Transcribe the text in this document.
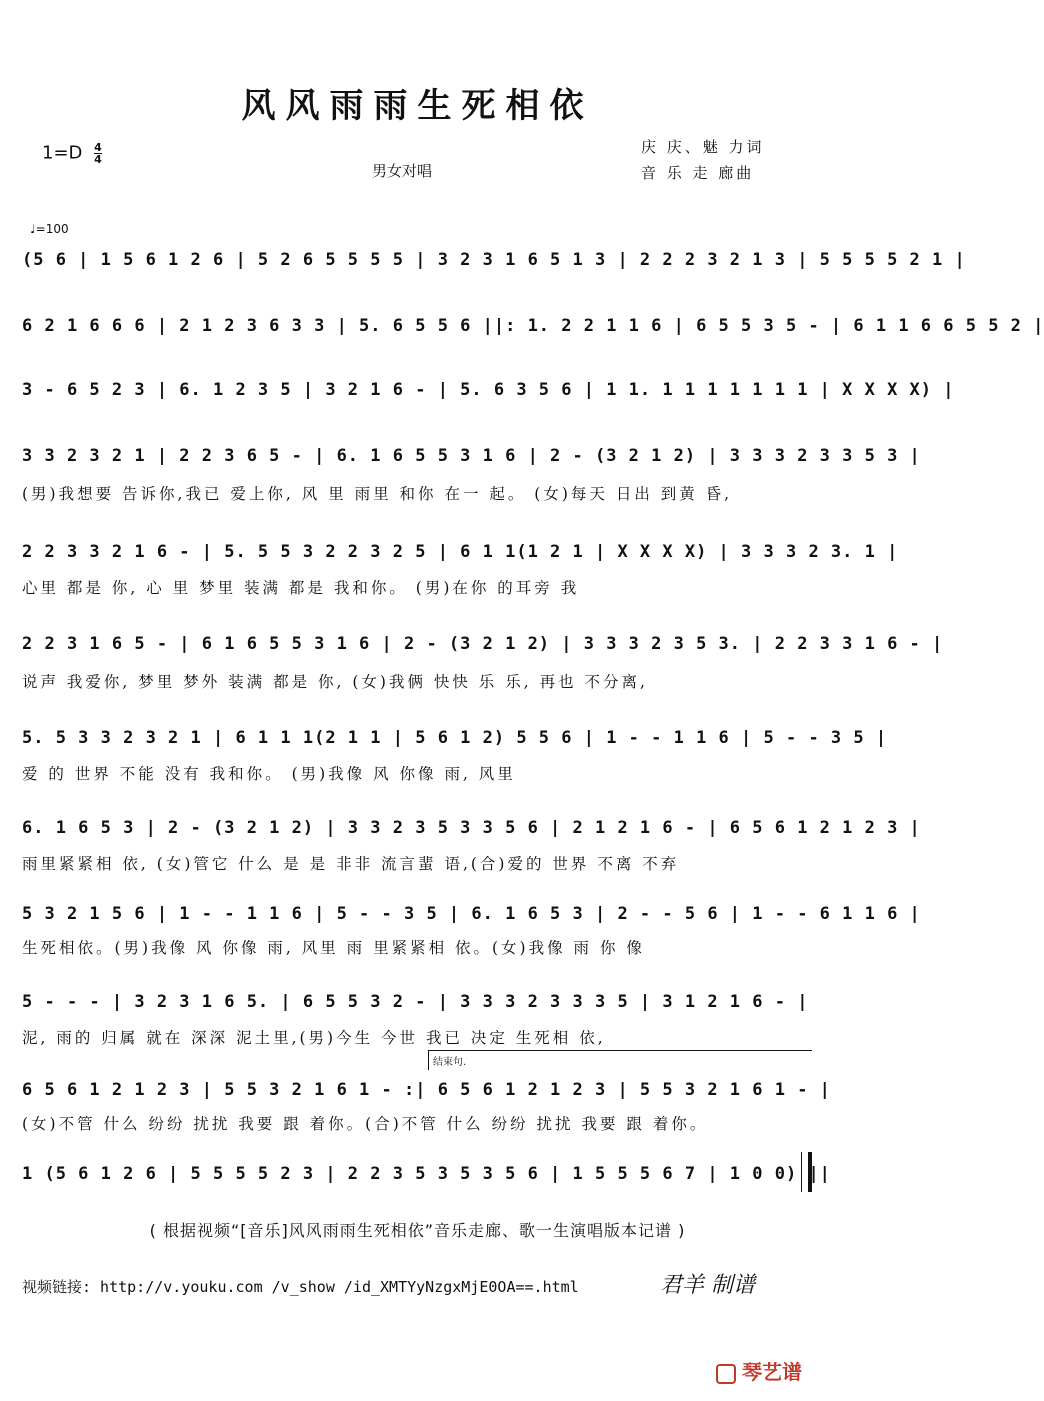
风风雨雨生死相依
$1=D \frac{4}{4}$
男女对唱
庆 庆、魅 力词
音 乐 走 廊曲
♩=100
(5 6 | 1 5 6 1 2 6 | 5 2 6 5 5 5 5 | 3 2 3 1 6 5 1 3 | 2 2 2 3 2 1 3 | 5 5 5 5 2 1 |
6 2 1 6 6 6 | 2 1 2 3 6 3 3 | 5. 6 5 5 6 ||: 1. 2 2 1 1 6 | 6 5 5 3 5 - | 6 1 1 6 6 5 5 2 |
3 - 6 5 2 3 | 6. 1 2 3 5 | 3 2 1 6 - | 5. 6 3 5 6 | 1 1. 1 1 1 1 1 1 1 | X X X X) |
3 3 2 3 2 1 | 2 2 3 6 5 - | 6. 1 6 5 5 3 1 6 | 2 - (3 2 1 2) | 3 3 3 2 3 3 5 3 |
(男)我想要 告诉你,我已 爱上你, 风 里 雨里 和你 在一 起。 (女)每天 日出 到黄 昏,
2 2 3 3 2 1 6 - | 5. 5 5 3 2 2 3 2 5 | 6 1 1(1 2 1 | X X X X) | 3 3 3 2 3. 1 |
心里 都是 你, 心 里 梦里 装满 都是 我和你。 (男)在你 的耳旁 我
2 2 3 1 6 5 - | 6 1 6 5 5 3 1 6 | 2 - (3 2 1 2) | 3 3 3 2 3 5 3. | 2 2 3 3 1 6 - |
说声 我爱你, 梦里 梦外 装满 都是 你, (女)我俩 快快 乐 乐, 再也 不分离,
5. 5 3 3 2 3 2 1 | 6 1 1 1(2 1 1 | 5 6 1 2) 5 5 6 | 1 - - 1 1 6 | 5 - - 3 5 |
爱 的 世界 不能 没有 我和你。 (男)我像 风 你像 雨, 风里
6. 1 6 5 3 | 2 - (3 2 1 2) | 3 3 2 3 5 3 3 5 6 | 2 1 2 1 6 - | 6 5 6 1 2 1 2 3 |
雨里紧紧相 依, (女)管它 什么 是 是 非非 流言蜚 语,(合)爱的 世界 不离 不弃
5 3 2 1 5 6 | 1 - - 1 1 6 | 5 - - 3 5 | 6. 1 6 5 3 | 2 - - 5 6 | 1 - - 6 1 1 6 |
生死相依。(男)我像 风 你像 雨, 风里 雨 里紧紧相 依。(女)我像 雨 你 像
5 - - - | 3 2 3 1 6 5. | 6 5 5 3 2 - | 3 3 3 2 3 3 3 5 | 3 1 2 1 6 - |
泥, 雨的 归属 就在 深深 泥土里,(男)今生 今世 我已 决定 生死相 依,
结束句.
6 5 6 1 2 1 2 3 | 5 5 3 2 1 6 1 - :| 6 5 6 1 2 1 2 3 | 5 5 3 2 1 6 1 - |
(女)不管 什么 纷纷 扰扰 我要 跟 着你。(合)不管 什么 纷纷 扰扰 我要 跟 着你。
1 (5 6 1 2 6 | 5 5 5 5 2 3 | 2 2 3 5 3 5 3 5 6 | 1 5 5 5 6 7 | 1 0 0) ||
( 根据视频“[音乐]风风雨雨生死相依”音乐走廊、歌一生演唱版本记谱 )
视频链接: http://v.youku.com /v_show /id_XMTYyNzgxMjE0OA==.html	君羊 制谱
琴艺谱
